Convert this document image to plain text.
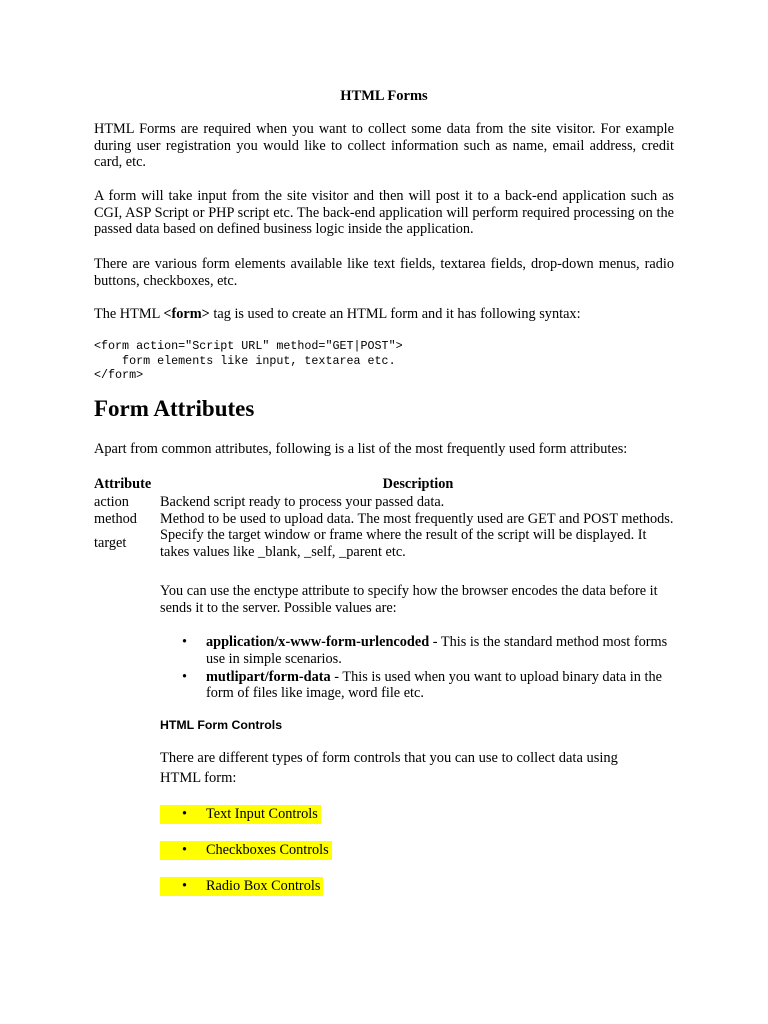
HTML Forms

HTML Forms are required when you want to collect some data from the site visitor. For example during user registration you would like to collect information such as name, email address, credit card, etc.

A form will take input from the site visitor and then will post it to a back-end application such as CGI, ASP Script or PHP script etc. The back-end application will perform required processing on the passed data based on defined business logic inside the application.

There are various form elements available like text fields, textarea fields, drop-down menus, radio buttons, checkboxes, etc.

The HTML <form> tag is used to create an HTML form and it has following syntax:

<form action="Script URL" method="GET|POST">
form elements like input, textarea etc.
</form>
Form Attributes

Apart from common attributes, following is a list of the most frequently used form attributes:

Attribute	Description
action	Backend script ready to process your passed data.
method	Method to be used to upload data. The most frequently used are GET and POST methods.
target	Specify the target window or frame where the result of the script will be displayed. It takes values like _blank, _self, _parent etc.

You can use the enctype attribute to specify how the browser encodes the data before it sends it to the server. Possible values are:

• application/x-www-form-urlencoded - This is the standard method most forms use in simple scenarios.
• mutlipart/form-data - This is used when you want to upload binary data in the form of files like image, word file etc.
HTML Form Controls

There are different types of form controls that you can use to collect data using HTML form:

• Text Input Controls
• Checkboxes Controls
• Radio Box Controls
